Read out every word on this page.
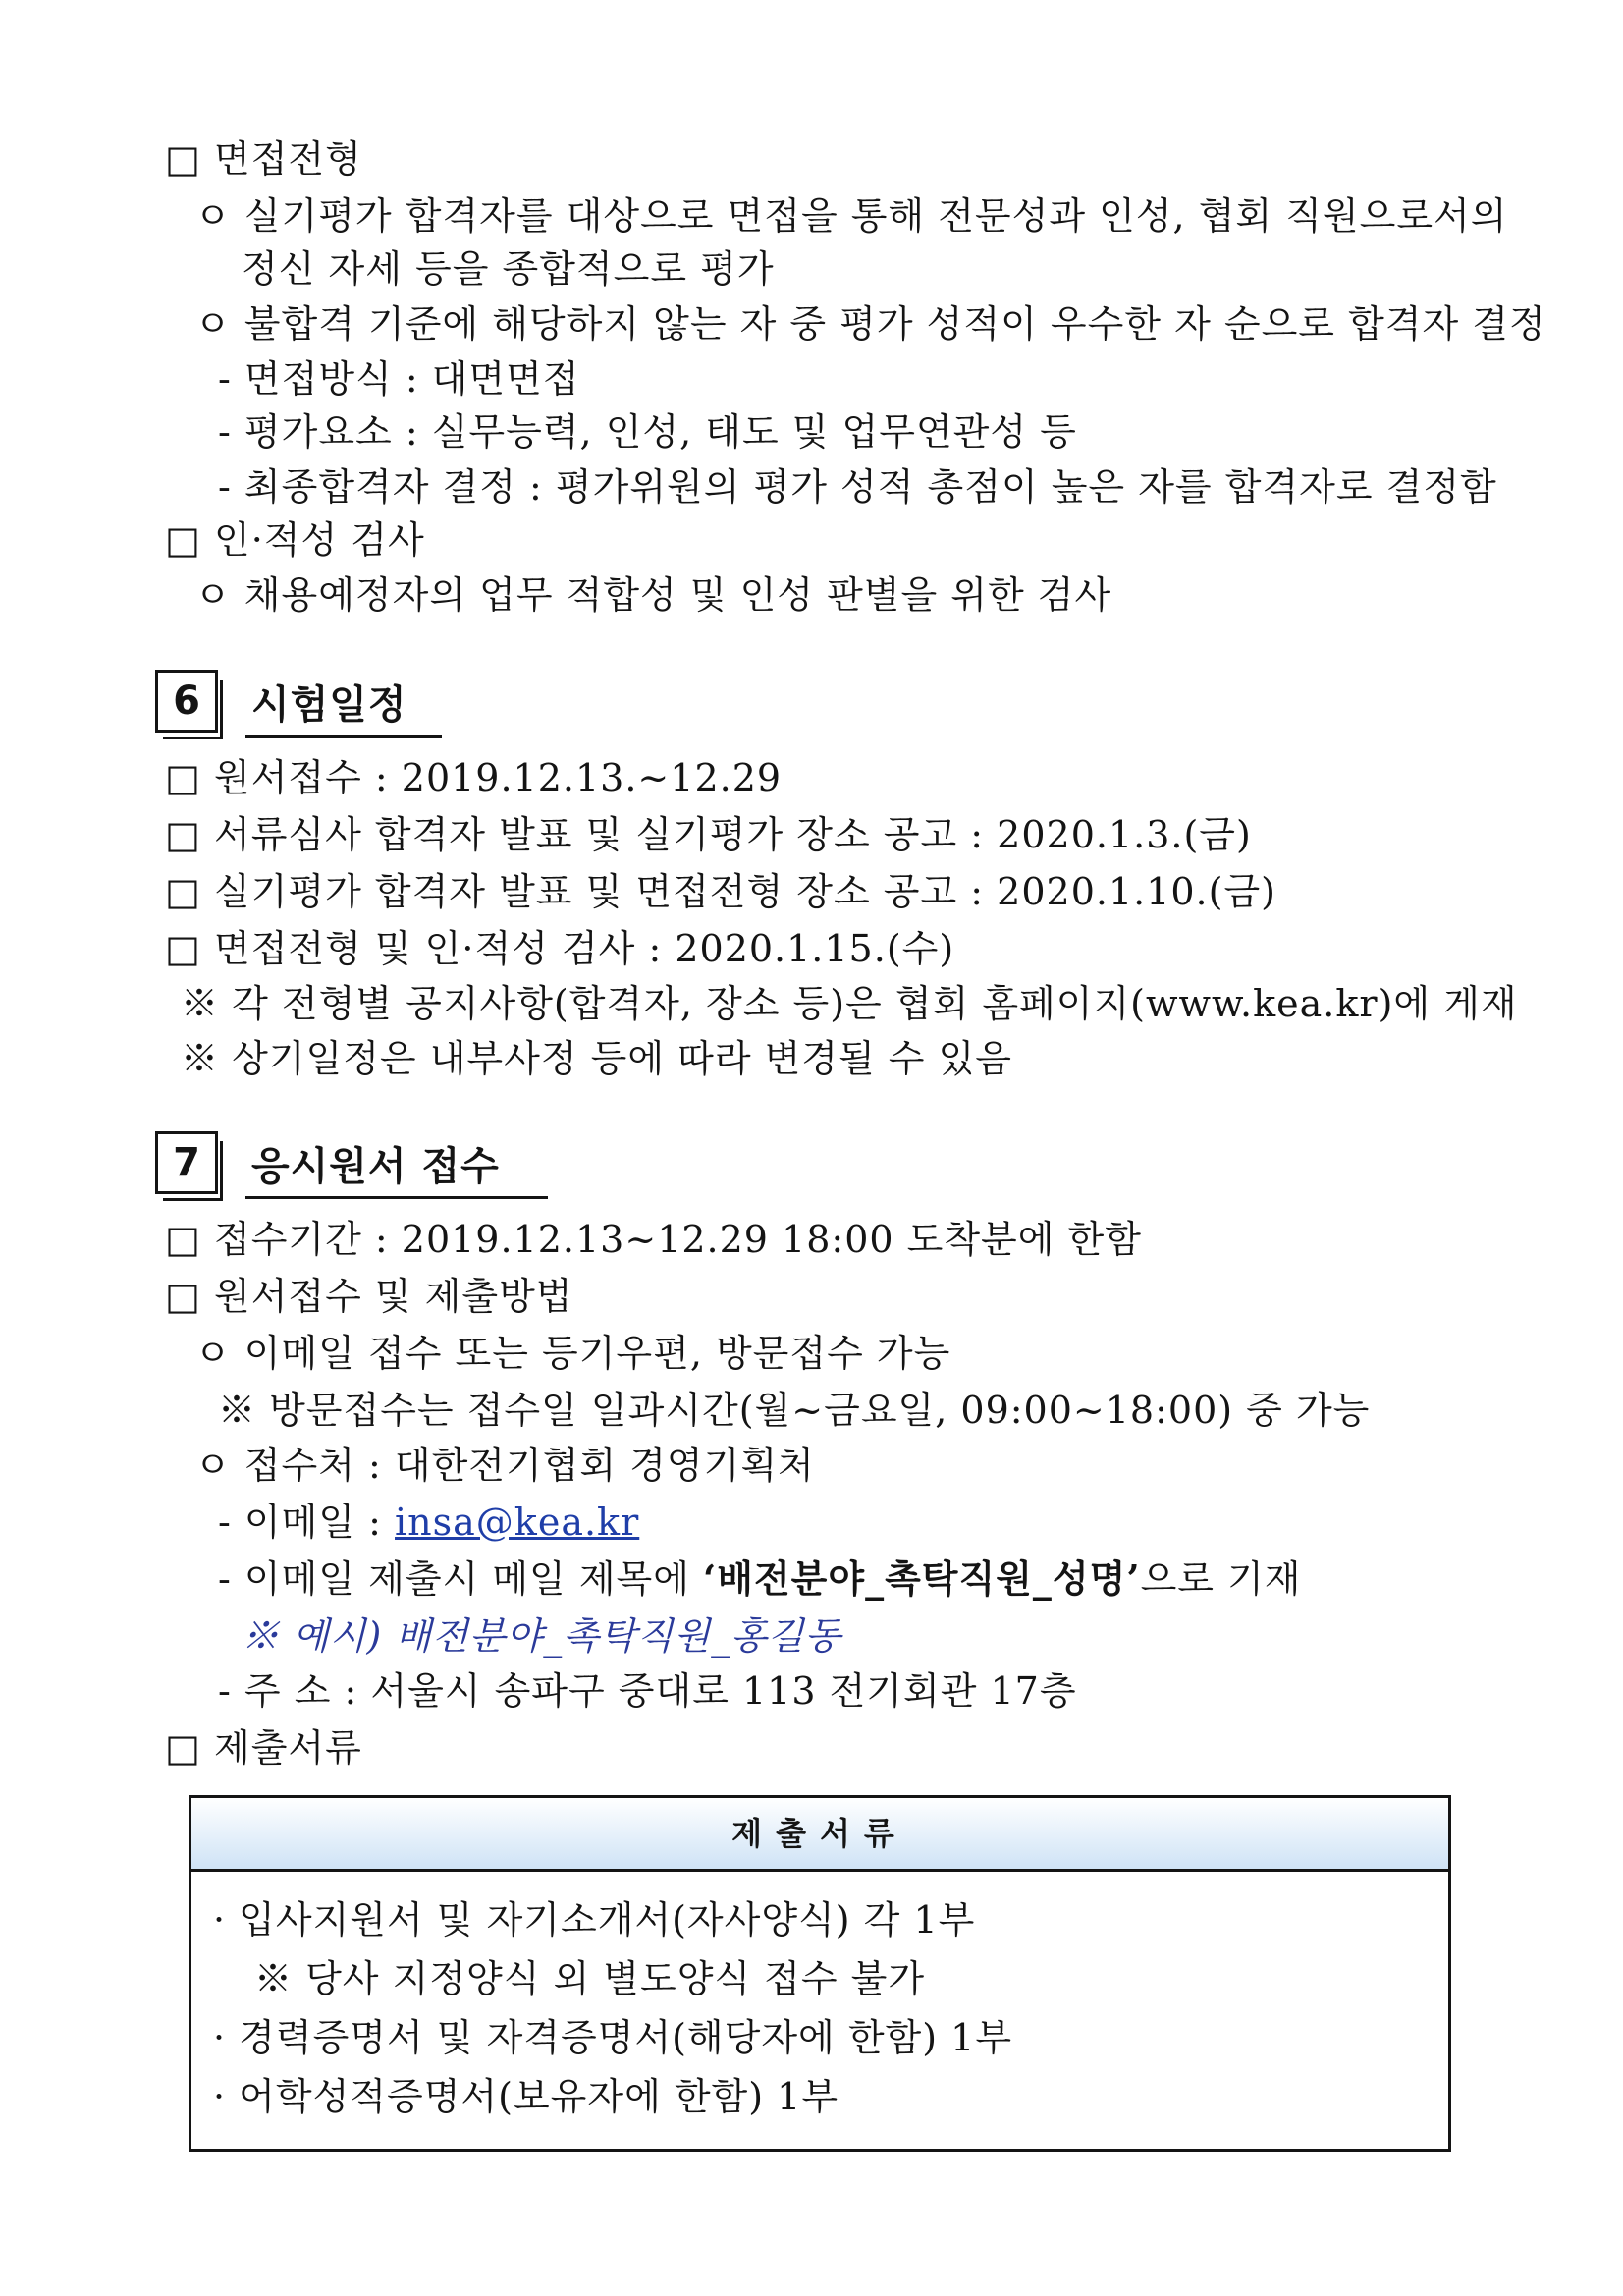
□ 면접전형
ㅇ 실기평가 합격자를 대상으로 면접을 통해 전문성과 인성, 협회 직원으로서의
정신 자세 등을 종합적으로 평가
ㅇ 불합격 기준에 해당하지 않는 자 중 평가 성적이 우수한 자 순으로 합격자 결정
- 면접방식 : 대면면접
- 평가요소 : 실무능력, 인성, 태도 및 업무연관성 등
- 최종합격자 결정 : 평가위원의 평가 성적 총점이 높은 자를 합격자로 결정함
□ 인·적성 검사
ㅇ 채용예정자의 업무 적합성 및 인성 판별을 위한 검사
6	시험일정
□ 원서접수 : 2019.12.13.~12.29
□ 서류심사 합격자 발표 및 실기평가 장소 공고 : 2020.1.3.(금)
□ 실기평가 합격자 발표 및 면접전형 장소 공고 : 2020.1.10.(금)
□ 면접전형 및 인·적성 검사 : 2020.1.15.(수)
※ 각 전형별 공지사항(합격자, 장소 등)은 협회 홈페이지(www.kea.kr)에 게재
※ 상기일정은 내부사정 등에 따라 변경될 수 있음
7	응시원서 접수
□ 접수기간 : 2019.12.13~12.29 18:00 도착분에 한함
□ 원서접수 및 제출방법
ㅇ 이메일 접수 또는 등기우편, 방문접수 가능
※ 방문접수는 접수일 일과시간(월~금요일, 09:00~18:00) 중 가능
ㅇ 접수처 : 대한전기협회 경영기획처
- 이메일 : insa@kea.kr
- 이메일 제출시 메일 제목에 ‘배전분야_촉탁직원_성명’으로 기재
※ 예시) 배전분야_촉탁직원_홍길동
- 주 소 : 서울시 송파구 중대로 113 전기회관 17층
□ 제출서류
제출서류
· 입사지원서 및 자기소개서(자사양식) 각 1부
※ 당사 지정양식 외 별도양식 접수 불가
· 경력증명서 및 자격증명서(해당자에 한함) 1부
· 어학성적증명서(보유자에 한함) 1부
